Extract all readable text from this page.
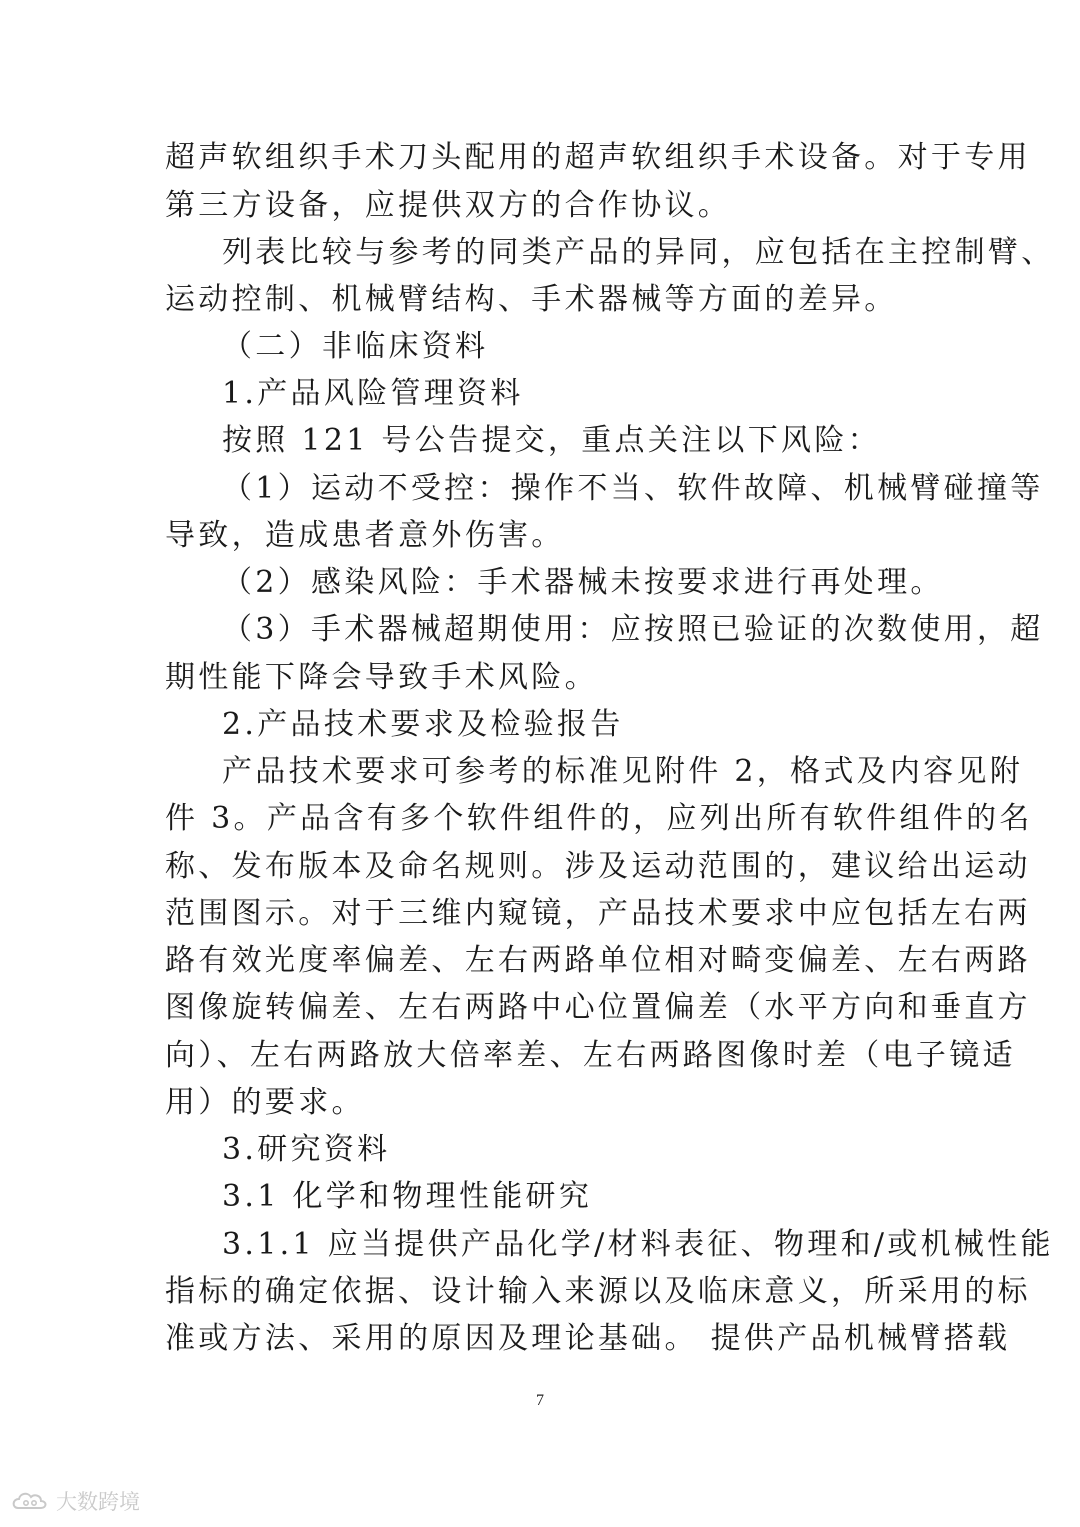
超声软组织手术刀头配用的超声软组织手术设备。对于专用
第三方设备，应提供双方的合作协议。
列表比较与参考的同类产品的异同，应包括在主控制臂、
运动控制、机械臂结构、手术器械等方面的差异。
（二）非临床资料
1.产品风险管理资料
按照 121 号公告提交，重点关注以下风险：
（1）运动不受控：操作不当、软件故障、机械臂碰撞等
导致，造成患者意外伤害。
（2）感染风险：手术器械未按要求进行再处理。
（3）手术器械超期使用：应按照已验证的次数使用，超
期性能下降会导致手术风险。
2.产品技术要求及检验报告
产品技术要求可参考的标准见附件 2，格式及内容见附
件 3。产品含有多个软件组件的，应列出所有软件组件的名
称、发布版本及命名规则。涉及运动范围的，建议给出运动
范围图示。对于三维内窥镜，产品技术要求中应包括左右两
路有效光度率偏差、左右两路单位相对畸变偏差、左右两路
图像旋转偏差、左右两路中心位置偏差（水平方向和垂直方
向）、左右两路放大倍率差、左右两路图像时差（电子镜适
用）的要求。
3.研究资料
3.1 化学和物理性能研究
3.1.1 应当提供产品化学/材料表征、物理和/或机械性能
指标的确定依据、设计输入来源以及临床意义，所采用的标
准或方法、采用的原因及理论基础。 提供产品机械臂搭载
7
大数跨境
